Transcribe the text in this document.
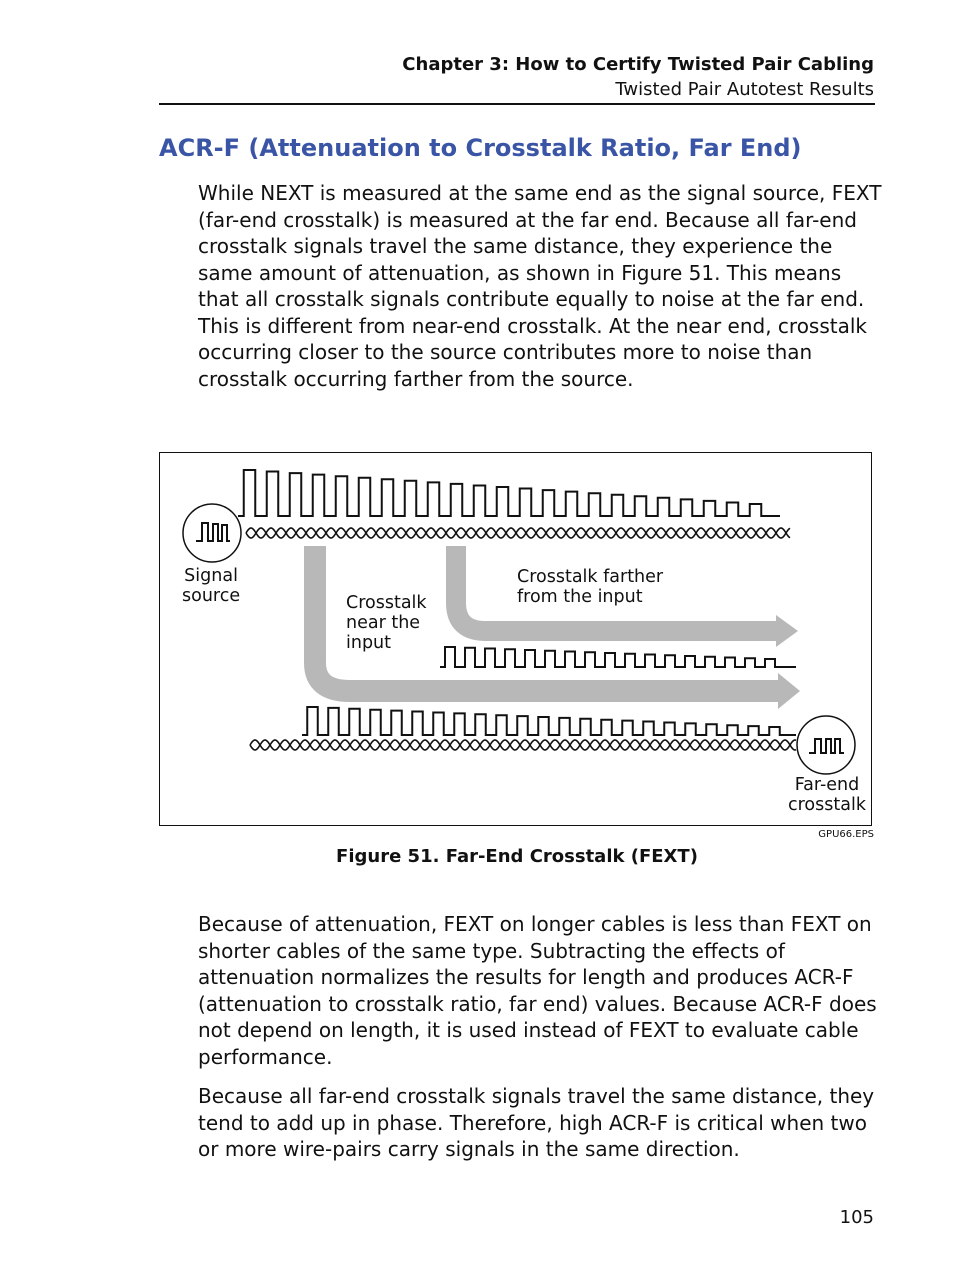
Chapter 3: How to Certify Twisted Pair Cabling
Twisted Pair Autotest Results
ACR-F (Attenuation to Crosstalk Ratio, Far End)

While NEXT is measured at the same end as the signal source, FEXT (far-end crosstalk) is measured at the far end. Because all far-end crosstalk signals travel the same distance, they experience the same amount of attenuation, as shown in Figure 51. This means that all crosstalk signals contribute equally to noise at the far end. This is different from near-end crosstalk. At the near end, crosstalk occurring closer to the source contributes more to noise than crosstalk occurring farther from the source.

Signal
source	Crosstalk
near the
input
Crosstalk farther
from the input
Far-end
crosstalk
GPU66.EPS
Figure 51. Far-End Crosstalk (FEXT)

Because of attenuation, FEXT on longer cables is less than FEXT on shorter cables of the same type. Subtracting the effects of attenuation normalizes the results for length and produces ACR-F (attenuation to crosstalk ratio, far end) values. Because ACR-F does not depend on length, it is used instead of FEXT to evaluate cable performance.

Because all far-end crosstalk signals travel the same distance, they tend to add up in phase. Therefore, high ACR-F is critical when two or more wire-pairs carry signals in the same direction.

105
